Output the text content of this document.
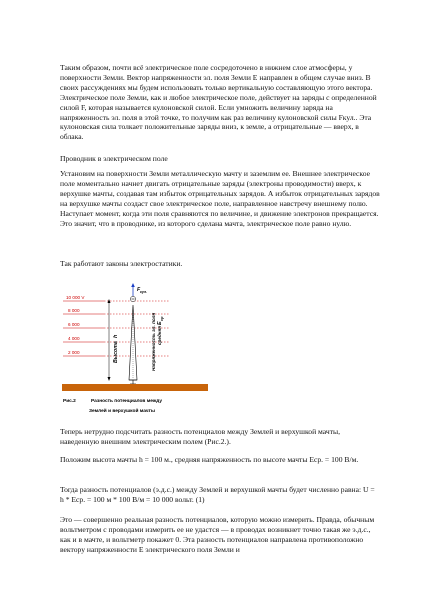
Таким образом, почти всё электрическое поле сосредоточено в нижнем слое атмосферы, у поверхности Земли. Вектор напряженности эл. поля Земли E направлен в общем случае вниз. В своих рассуждениях мы будем использовать только вертикальную составляющую этого вектора. Электрическое поле Земли, как и любое электрическое поле, действует на заряды с определенной силой F, которая называется кулоновской силой. Если умножить величину заряда на напряженность эл. поля в этой точке, то получим как раз величину кулоновской силы Fкул.. Эта кулоновская сила толкает положительные заряды вниз, к земле, а отрицательные — вверх, в облака.

Проводник в электрическом поле

Установим на поверхности Земли металлическую мачту и заземлим ее. Внешнее электрическое поле моментально начнет двигать отрицательные заряды (электроны проводимости) вверх, к верхушке мачты, создавая там избыток отрицательных зарядов. А избыток отрицательных зарядов на верхушке мачты создаст свое электрическое поле, направленное навстречу внешнему полю. Наступает момент, когда эти поля сравняются по величине, и движение электронов прекращается. Это значит, что в проводнике, из которого сделана мачта, электрическое поле равно нулю.

Так работают законы электростатики.

10 000 V
8 000
6 000
4 000
2 000	Высота
h
F кул.
Напряженность эл. поля средняя
E
ср
Рис.2	Разность потенциалов между
Землей и верхушкой мачты

Теперь нетрудно подсчитать разность потенциалов между Землей и верхушкой мачты, наведенную внешним электрическим полем (Рис.2.).

Положим высота мачты h = 100 м., средняя напряженность по высоте мачты Eср. = 100 В/м.

Тогда разность потенциалов (э.д.с.) между Землей и верхушкой мачты будет численно равна: U = h * Eср. = 100 м * 100 В/м = 10 000 вольт. (1)

Это — совершенно реальная разность потенциалов, которую можно измерить. Правда, обычным вольтметром с проводами измерить ее не удастся — в проводах возникнет точно такая же э.д.с., как и в мачте, и вольтметр покажет 0. Эта разность потенциалов направлена противоположно вектору напряженности E электрического поля Земли и
